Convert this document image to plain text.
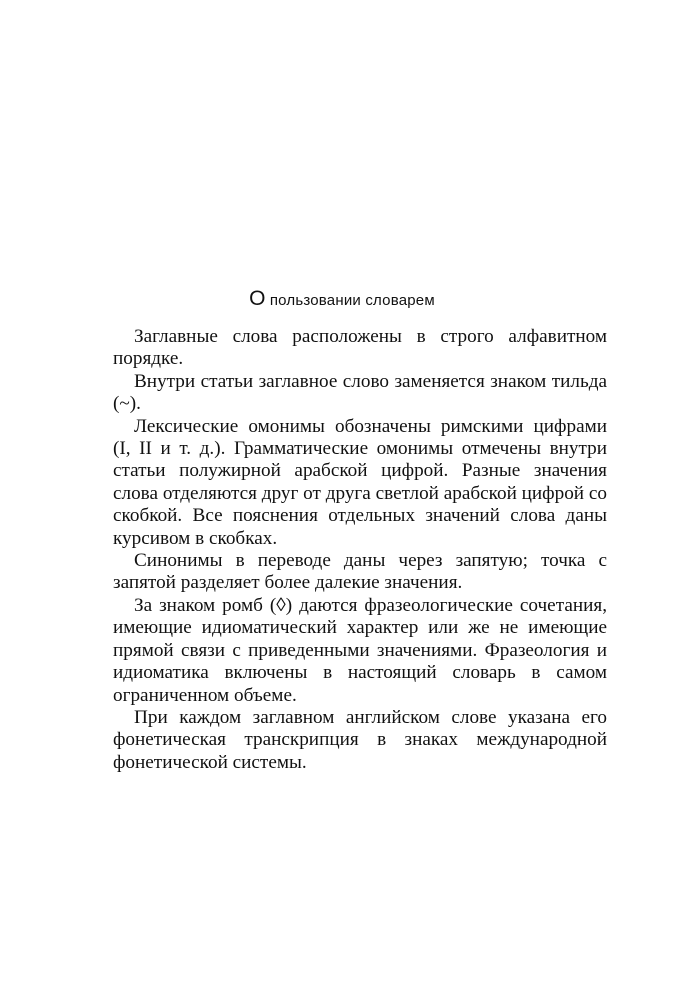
О пользовании словарем

Заглавные слова расположены в строго алфавитном порядке.

Внутри статьи заглавное слово заменяется знаком тильда (~).

Лексические омонимы обозначены римскими цифрами (I, II и т. д.). Грамматические омонимы отмечены внутри статьи полужирной арабской цифрой. Разные значения слова отделяются друг от друга светлой арабской цифрой со скобкой. Все пояснения отдельных значений слова даны курсивом в скобках.

Синонимы в переводе даны через запятую; точка с запятой разделяет более далекие значения.

За знаком ромб (◊) даются фразеологические сочетания, имеющие идиоматический характер или же не имеющие прямой связи с приведенными значениями. Фразеология и идиоматика включены в настоящий словарь в самом ограниченном объеме.

При каждом заглавном английском слове указана его фонетическая транскрипция в знаках международной фонетической системы.
